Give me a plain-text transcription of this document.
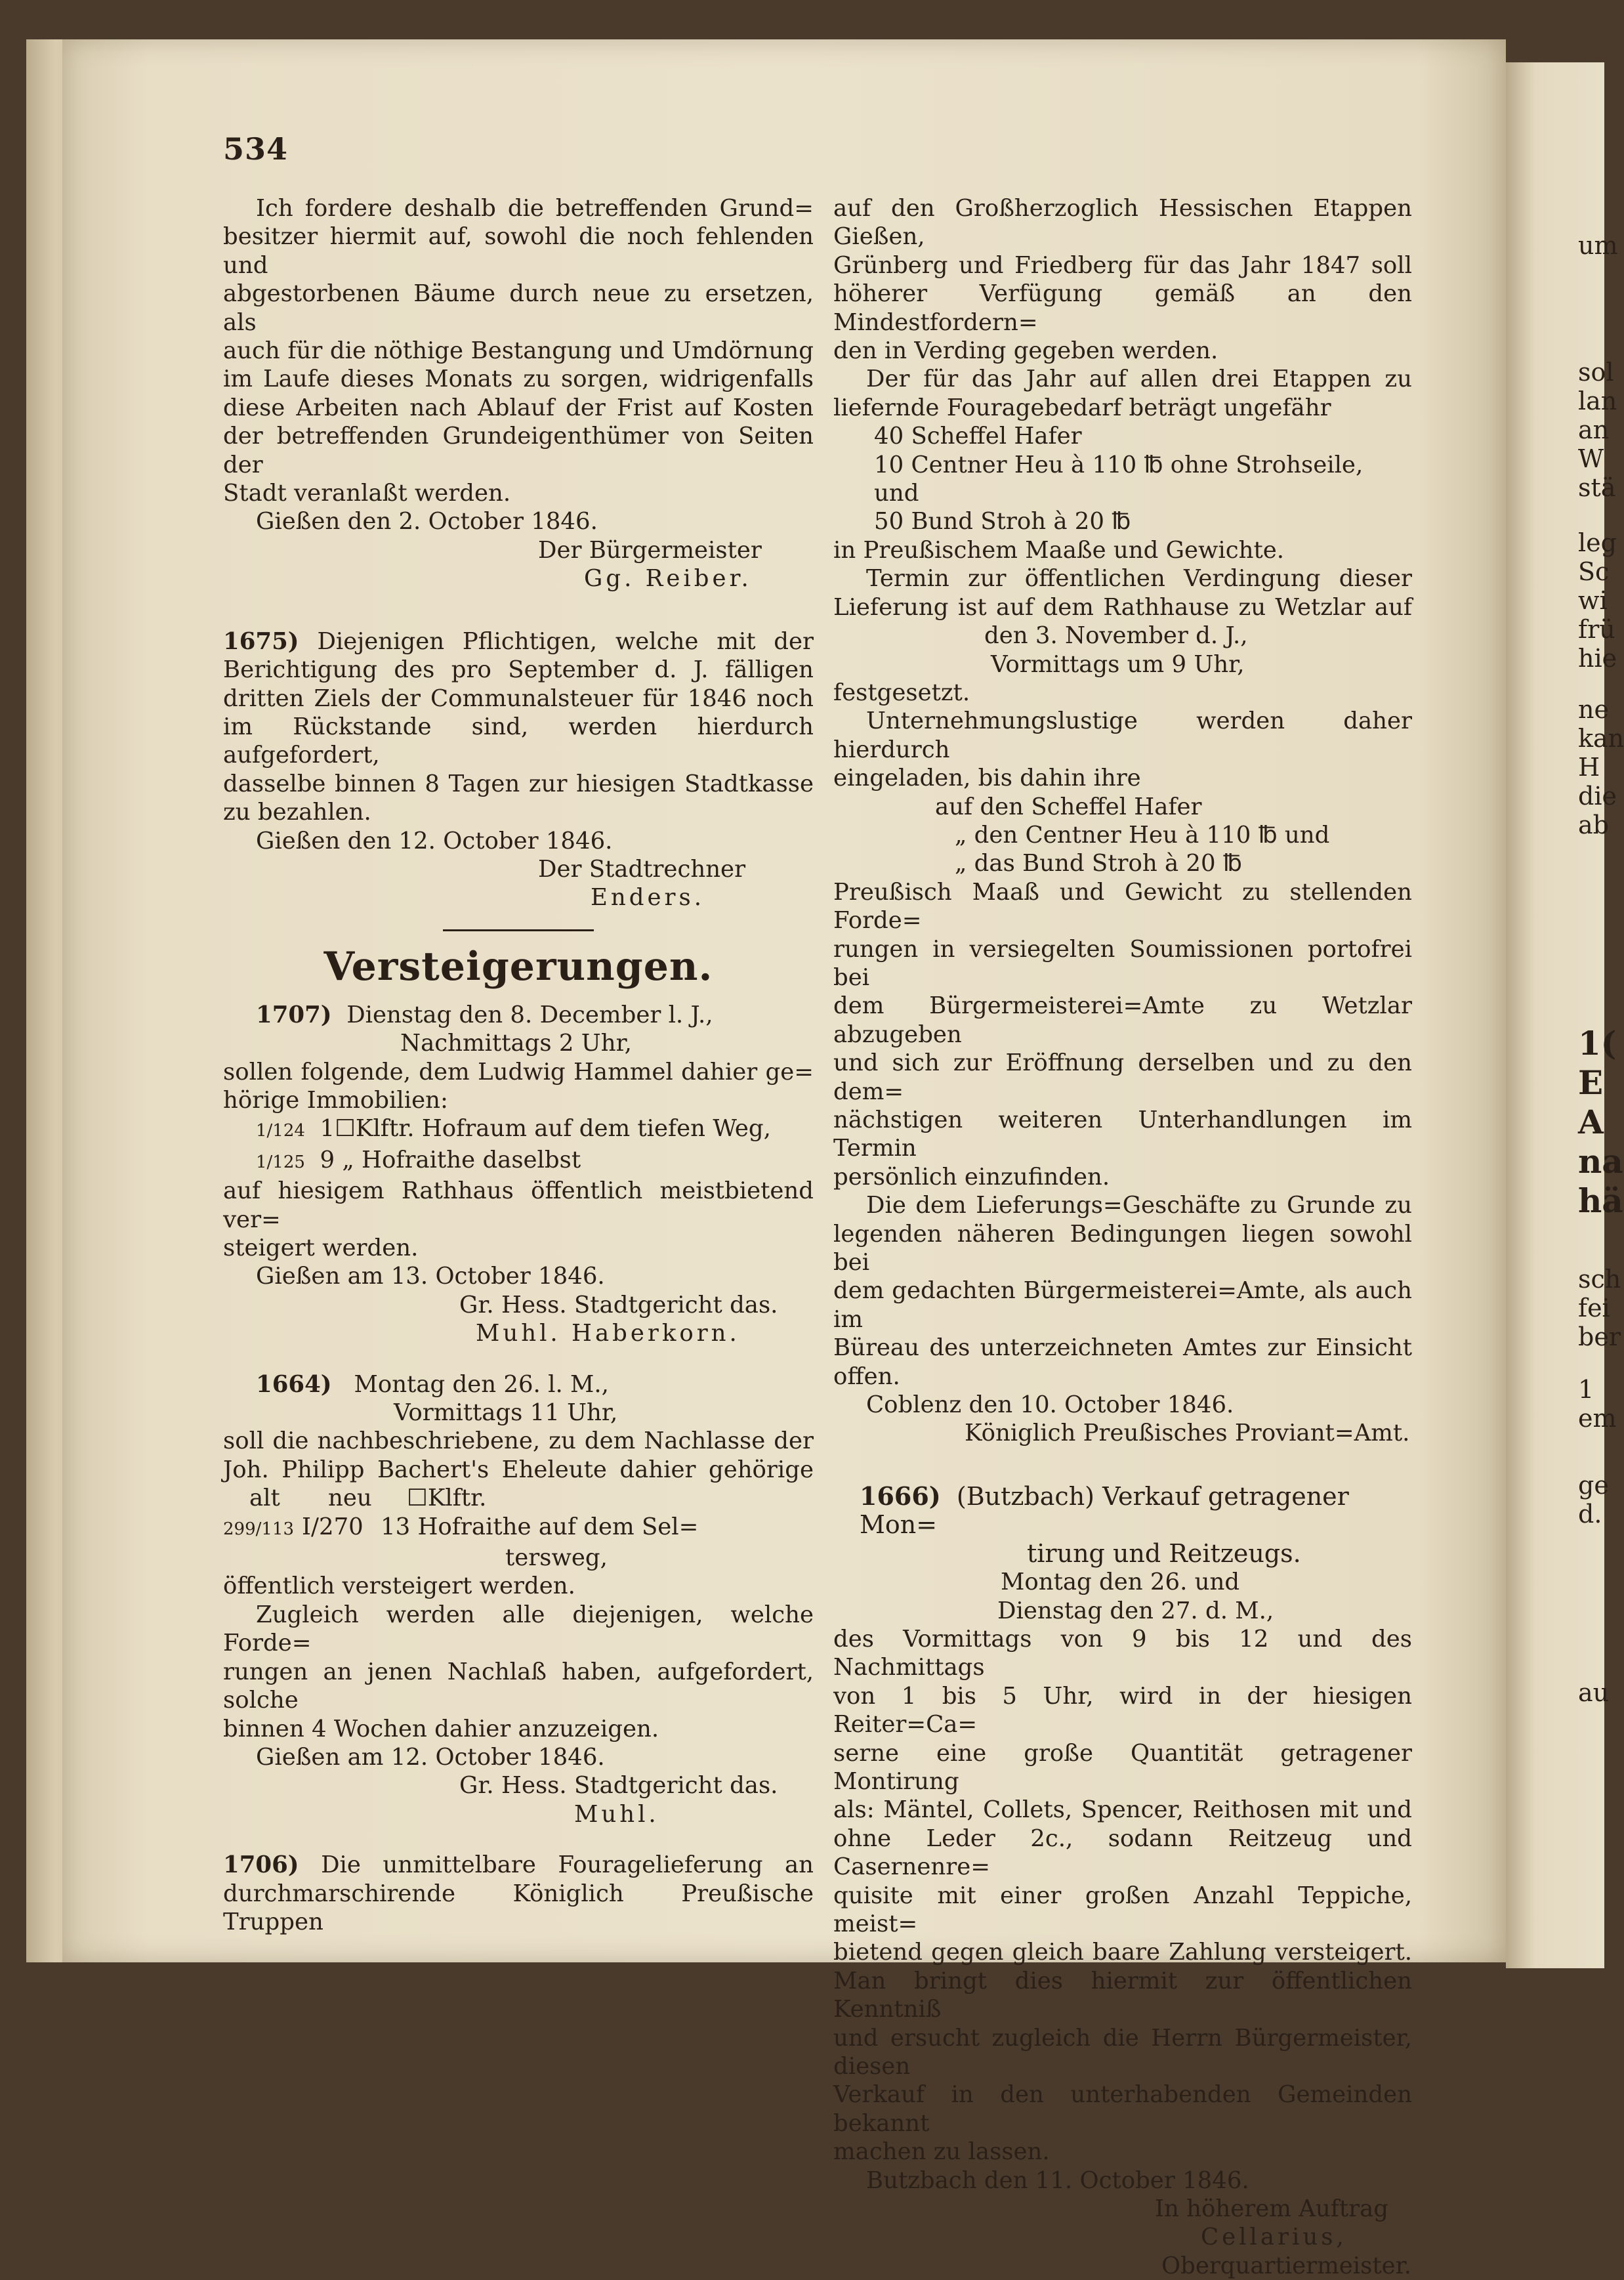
um
sol
lan
an
W
stä
leg
Sc
wi
frü
hie
ne
kan
H
die
ab
1(
E
A
na
hä
sch
fei
ber
1
em
ge
d.
au
534

Ich fordere deshalb die betreffenden Grund=

besitzer hiermit auf, sowohl die noch fehlenden und

abgestorbenen Bäume durch neue zu ersetzen, als

auch für die nöthige Bestangung und Umdörnung

im Laufe dieses Monats zu sorgen, widrigenfalls

diese Arbeiten nach Ablauf der Frist auf Kosten

der betreffenden Grundeigenthümer von Seiten der

Stadt veranlaßt werden.

Gießen den 2. October 1846.

Der Bürgermeister

Gg. Reiber.

1675) Diejenigen Pflichtigen, welche mit der

Berichtigung des pro September d. J. fälligen

dritten Ziels der Communalsteuer für 1846 noch

im Rückstande sind, werden hierdurch aufgefordert,

dasselbe binnen 8 Tagen zur hiesigen Stadtkasse

zu bezahlen.

Gießen den 12. October 1846.

Der Stadtrechner

Enders.

Versteigerungen.

1707) Dienstag den 8. December l. J.,

Nachmittags 2 Uhr,

sollen folgende, dem Ludwig Hammel dahier ge=

hörige Immobilien:

1/124 1☐Klftr. Hofraum auf dem tiefen Weg,

1/125 9 „ Hofraithe daselbst

auf hiesigem Rathhaus öffentlich meistbietend ver=

steigert werden.

Gießen am 13. October 1846.

Gr. Hess. Stadtgericht das.

Muhl. Haberkorn.

1664) Montag den 26. l. M.,

Vormittags 11 Uhr,

soll die nachbeschriebene, zu dem Nachlasse der

Joh. Philipp Bachert's Eheleute dahier gehörige

alt	neu	☐Klftr.
299/113 I/270 13 Hofraithe auf dem Sel=

tersweg,

öffentlich versteigert werden.

Zugleich werden alle diejenigen, welche Forde=

rungen an jenen Nachlaß haben, aufgefordert, solche

binnen 4 Wochen dahier anzuzeigen.

Gießen am 12. October 1846.

Gr. Hess. Stadtgericht das.

Muhl.

1706) Die unmittelbare Fouragelieferung an

durchmarschirende Königlich Preußische Truppen

auf den Großherzoglich Hessischen Etappen Gießen,

Grünberg und Friedberg für das Jahr 1847 soll

höherer Verfügung gemäß an den Mindestfordern=

den in Verding gegeben werden.

Der für das Jahr auf allen drei Etappen zu

liefernde Fouragebedarf beträgt ungefähr

40 Scheffel Hafer

10 Centner Heu à 110 ℔ ohne Strohseile, und

50 Bund Stroh à 20 ℔

in Preußischem Maaße und Gewichte.

Termin zur öffentlichen Verdingung dieser

Lieferung ist auf dem Rathhause zu Wetzlar auf

den 3. November d. J.,

Vormittags um 9 Uhr,

festgesetzt.

Unternehmungslustige werden daher hierdurch

eingeladen, bis dahin ihre

auf den Scheffel Hafer

„ den Centner Heu à 110 ℔ und

„ das Bund Stroh à 20 ℔

Preußisch Maaß und Gewicht zu stellenden Forde=

rungen in versiegelten Soumissionen portofrei bei

dem Bürgermeisterei=Amte zu Wetzlar abzugeben

und sich zur Eröffnung derselben und zu den dem=

nächstigen weiteren Unterhandlungen im Termin

persönlich einzufinden.

Die dem Lieferungs=Geschäfte zu Grunde zu

legenden näheren Bedingungen liegen sowohl bei

dem gedachten Bürgermeisterei=Amte, als auch im

Büreau des unterzeichneten Amtes zur Einsicht

offen.

Coblenz den 10. October 1846.

Königlich Preußisches Proviant=Amt.

1666) (Butzbach) Verkauf getragener Mon=

tirung und Reitzeugs.

Montag den 26. und

Dienstag den 27. d. M.,

des Vormittags von 9 bis 12 und des Nachmittags

von 1 bis 5 Uhr, wird in der hiesigen Reiter=Ca=

serne eine große Quantität getragener Montirung

als: Mäntel, Collets, Spencer, Reithosen mit und

ohne Leder 2c., sodann Reitzeug und Casernenre=

quisite mit einer großen Anzahl Teppiche, meist=

bietend gegen gleich baare Zahlung versteigert.

Man bringt dies hiermit zur öffentlichen Kenntniß

und ersucht zugleich die Herrn Bürgermeister, diesen

Verkauf in den unterhabenden Gemeinden bekannt

machen zu lassen.

Butzbach den 11. October 1846.

In höherem Auftrag

Cellarius,

Oberquartiermeister.
